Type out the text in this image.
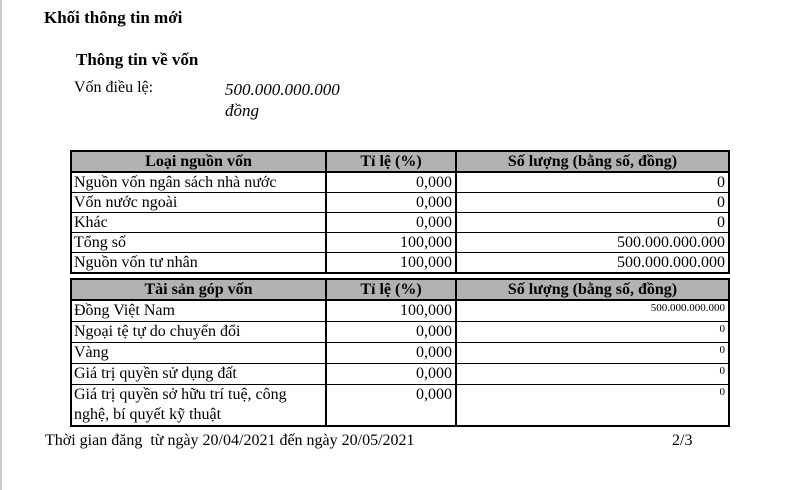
Khối thông tin mới
Thông tin về vốn
Vốn điều lệ:	500.000.000.000
đồng
Loại nguồn vốn	Tỉ lệ (%)	Số lượng (bằng số, đồng)
Nguồn vốn ngân sách nhà nước	0,000	0
Vốn nước ngoài	0,000	0
Khác	0,000	0
Tổng số	100,000	500.000.000.000
Nguồn vốn tư nhân	100,000	500.000.000.000
Tài sản góp vốn	Tỉ lệ (%)	Số lượng (bằng số, đồng)
Đồng Việt Nam	100,000	500.000.000.000
Ngoại tệ tự do chuyển đổi	0,000	0
Vàng	0,000	0
Giá trị quyền sử dụng đất	0,000	0
Giá trị quyền sở hữu trí tuệ, công nghệ, bí quyết kỹ thuật	0,000	0
Thời gian đăng  từ ngày 20/04/2021 đến ngày 20/05/2021	2/3
